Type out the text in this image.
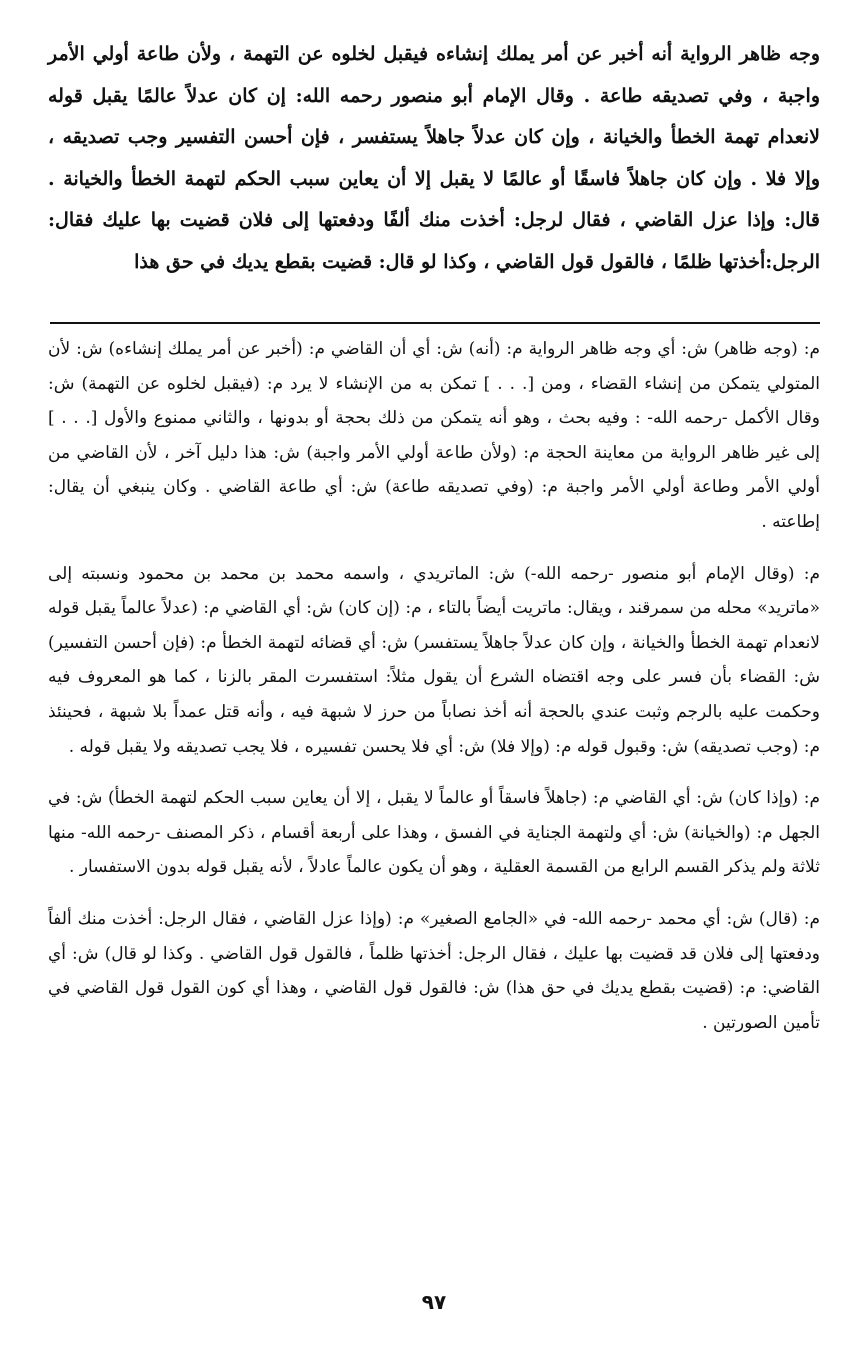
وجه ظاهر الرواية أنه أخبر عن أمر يملك إنشاءه فيقبل لخلوه عن التهمة ، ولأن طاعة أولي الأمر واجبة ، وفي تصديقه طاعة . وقال الإمام أبو منصور رحمه الله: إن كان عدلاً عالمًا يقبل قوله لانعدام تهمة الخطأ والخيانة ، وإن كان عدلاً جاهلاً يستفسر ، فإن أحسن التفسير وجب تصديقه ، وإلا فلا . وإن كان جاهلاً فاسقًا أو عالمًا لا يقبل إلا أن يعاين سبب الحكم لتهمة الخطأ والخيانة . قال: وإذا عزل القاضي ، فقال لرجل: أخذت منك ألفًا ودفعتها إلى فلان قضيت بها عليك فقال: الرجل:أخذتها ظلمًا ، فالقول قول القاضي ، وكذا لو قال: قضيت بقطع يديك في حق هذا

م: (وجه ظاهر) ش: أي وجه ظاهر الرواية م: (أنه) ش: أي أن القاضي م: (أخبر عن أمر يملك إنشاءه) ش: لأن المتولي يتمكن من إنشاء القضاء ، ومن [. . . ] تمكن به من الإنشاء لا يرد م: (فيقبل لخلوه عن التهمة) ش: وقال الأكمل -رحمه الله- : وفيه بحث ، وهو أنه يتمكن من ذلك بحجة أو بدونها ، والثاني ممنوع والأول [. . . ] إلى غير ظاهر الرواية من معاينة الحجة م: (ولأن طاعة أولي الأمر واجبة) ش: هذا دليل آخر ، لأن القاضي من أولي الأمر وطاعة أولي الأمر واجبة م: (وفي تصديقه طاعة) ش: أي طاعة القاضي . وكان ينبغي أن يقال: إطاعته .

م: (وقال الإمام أبو منصور -رحمه الله-) ش: الماتريدي ، واسمه محمد بن محمد بن محمود ونسبته إلى «ماتريد» محله من سمرقند ، ويقال: ماتريت أيضاً بالتاء ، م: (إن كان) ش: أي القاضي م: (عدلاً عالماً يقبل قوله لانعدام تهمة الخطأ والخيانة ، وإن كان عدلاً جاهلاً يستفسر) ش: أي قضائه لتهمة الخطأ م: (فإن أحسن التفسير) ش: القضاء بأن فسر على وجه اقتضاه الشرع أن يقول مثلاً: استفسرت المقر بالزنا ، كما هو المعروف فيه وحكمت عليه بالرجم وثبت عندي بالحجة أنه أخذ نصاباً من حرز لا شبهة فيه ، وأنه قتل عمداً بلا شبهة ، فحينئذ م: (وجب تصديقه) ش: وقبول قوله م: (وإلا فلا) ش: أي فلا يحسن تفسيره ، فلا يجب تصديقه ولا يقبل قوله .

م: (وإذا كان) ش: أي القاضي م: (جاهلاً فاسقاً أو عالماً لا يقبل ، إلا أن يعاين سبب الحكم لتهمة الخطأ) ش: في الجهل م: (والخيانة) ش: أي ولتهمة الجناية في الفسق ، وهذا على أربعة أقسام ، ذكر المصنف -رحمه الله- منها ثلاثة ولم يذكر القسم الرابع من القسمة العقلية ، وهو أن يكون عالماً عادلاً ، لأنه يقبل قوله بدون الاستفسار .

م: (قال) ش: أي محمد -رحمه الله- في «الجامع الصغير» م: (وإذا عزل القاضي ، فقال الرجل: أخذت منك ألفاً ودفعتها إلى فلان قد قضيت بها عليك ، فقال الرجل: أخذتها ظلماً ، فالقول قول القاضي . وكذا لو قال) ش: أي القاضي: م: (قضيت بقطع يديك في حق هذا) ش: فالقول قول القاضي ، وهذا أي كون القول قول القاضي في تأمين الصورتين .

٩٧
